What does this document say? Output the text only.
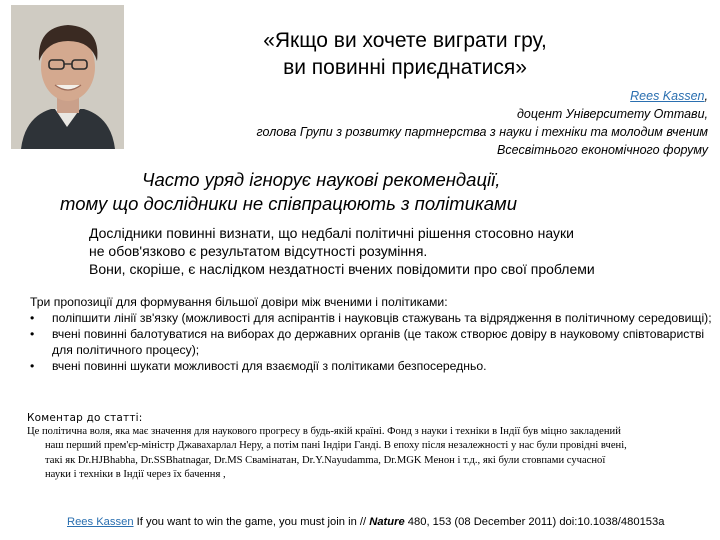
«Якщо ви хочете виграти гру,
ви повинні приєднатися»
Rees Kassen,
доцент Університету Оттави,
голова Групи з розвитку партнерства з науки і техніки та молодим вченим
Всесвітнього економічного форуму
Часто уряд ігнорує наукові рекомендації,
тому що дослідники не співпрацюють з політиками
Дослідники повинні визнати, що недбалі політичні рішення стосовно науки
не обов'язково є результатом відсутності розуміння.
Вони, скоріше, є наслідком нездатності вчених повідомити про свої проблеми
Три пропозиції для формування більшої довіри між вченими і політиками:
• поліпшити лінії зв'язку (можливості для аспірантів і науковців стажувань та відрядження в політичному середовищі);
• вчені повинні балотуватися на виборах до державних органів (це також створює довіру в науковому співтоваристві для політичного процесу);
• вчені повинні шукати можливості для взаємодії з політиками безпосередньо.
Коментар до статті:
Це політична воля, яка має значення для наукового прогресу в будь-якій країні. Фонд з науки і техніки в Індії був міцно закладений
наш перший прем'єр-міністр Джавахарлал Неру, а потім пані Індіри Ганді. В епоху після незалежності у нас були провідні вчені,
такі як Dr.HJBhabha, Dr.SSBhatnagar, Dr.MS Свамінатан, Dr.Y.Nayudamma, Dr.MGK Менон і т.д., які були стовпами сучасної
науки і техніки в Індії через їх бачення ,
Rees Kassen If you want to win the game, you must join in // Nature 480, 153 (08 December 2011) doi:10.1038/480153a
